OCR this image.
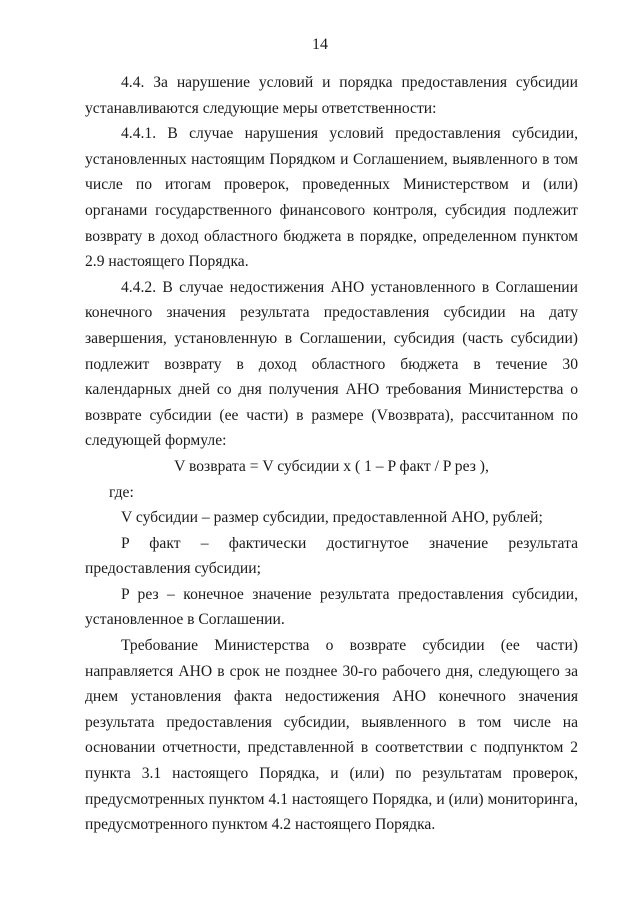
14

4.4. За нарушение условий и порядка предоставления субсидии устанавливаются следующие меры ответственности:

4.4.1. В случае нарушения условий предоставления субсидии, установленных настоящим Порядком и Соглашением, выявленного в том числе по итогам проверок, проведенных Министерством и (или) органами государственного финансового контроля, субсидия подлежит возврату в доход областного бюджета в порядке, определенном пунктом 2.9 настоящего Порядка.

4.4.2. В случае недостижения АНО установленного в Соглашении конечного значения результата предоставления субсидии на дату завершения, установленную в Соглашении, субсидия (часть субсидии) подлежит возврату в доход областного бюджета в течение 30 календарных дней со дня получения АНО требования Министерства о возврате субсидии (ее части) в размере (Vвозврата), рассчитанном по следующей формуле:

V возврата = V субсидии x ( 1 – P факт / P рез ),

где:

V субсидии – размер субсидии, предоставленной АНО, рублей;

P факт – фактически достигнутое значение результата предоставления субсидии;

P рез – конечное значение результата предоставления субсидии, установленное в Соглашении.

Требование Министерства о возврате субсидии (ее части) направляется АНО в срок не позднее 30-го рабочего дня, следующего за днем установления факта недостижения АНО конечного значения результата предоставления субсидии, выявленного в том числе на основании отчетности, представленной в соответствии с подпунктом 2 пункта 3.1 настоящего Порядка, и (или) по результатам проверок, предусмотренных пунктом 4.1 настоящего Порядка, и (или) мониторинга, предусмотренного пунктом 4.2 настоящего Порядка.
